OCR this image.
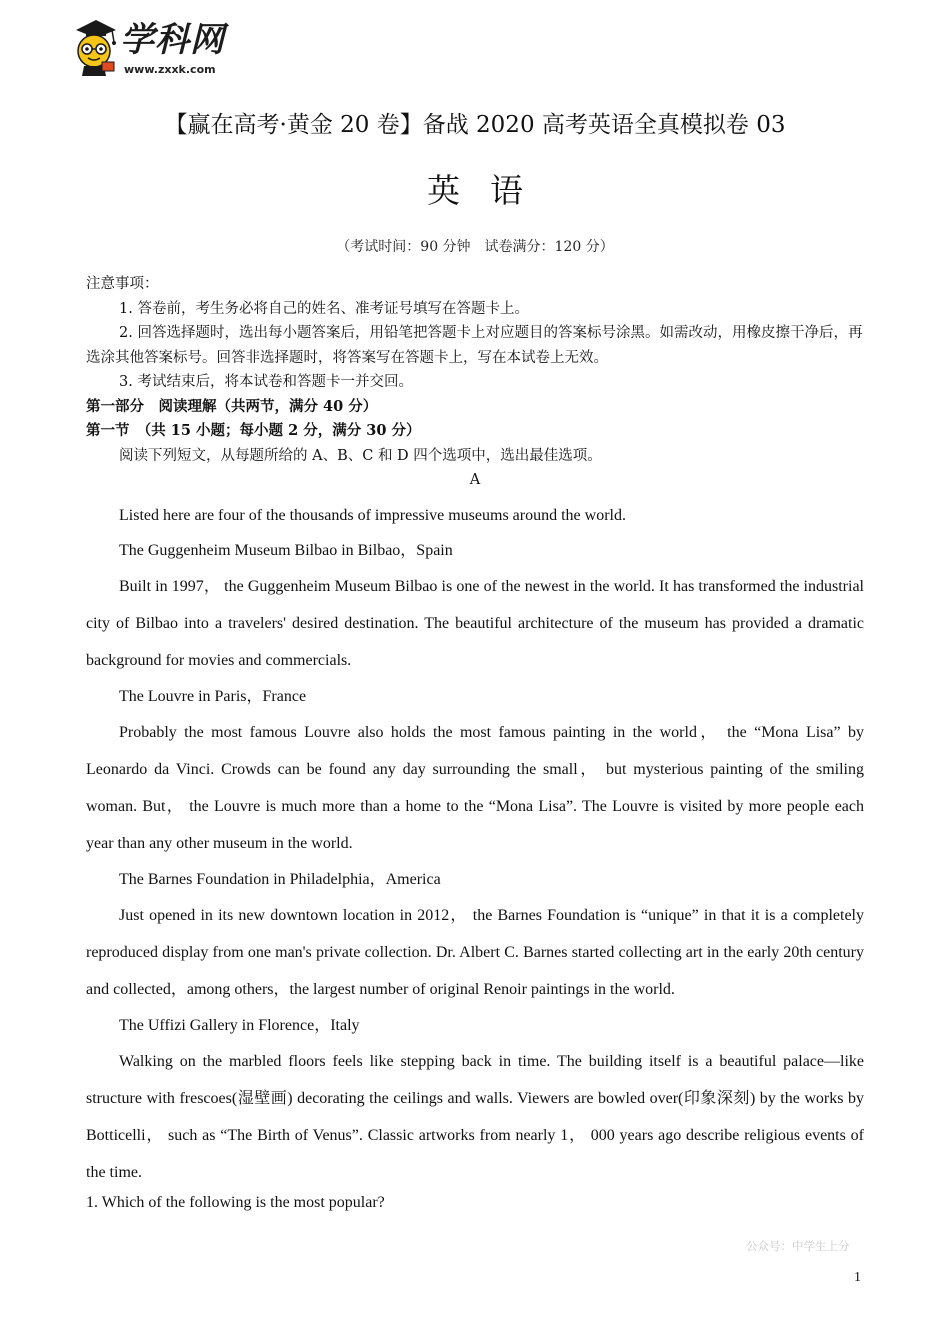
学科网
www.zxxk.com
【赢在高考·黄金 20 卷】备战 2020 高考英语全真模拟卷 03
英语
（考试时间：90 分钟　试卷满分：120 分）

注意事项：

1. 答卷前，考生务必将自己的姓名、准考证号填写在答题卡上。

2. 回答选择题时，选出每小题答案后，用铅笔把答题卡上对应题目的答案标号涂黑。如需改动，用橡皮擦干净后，再选涂其他答案标号。回答非选择题时，将答案写在答题卡上，写在本试卷上无效。

3. 考试结束后，将本试卷和答题卡一并交回。

第一部分　阅读理解（共两节，满分 40 分）

第一节　（共 15 小题；每小题 2 分，满分 30 分）

阅读下列短文，从每题所给的 A、B、C 和 D 四个选项中，选出最佳选项。

A

Listed here are four of the thousands of impressive museums around the world.

The Guggenheim Museum Bilbao in Bilbao，Spain

Built in 1997， the Guggenheim Museum Bilbao is one of the newest in the world. It has transformed the industrial city of Bilbao into a travelers' desired destination. The beautiful architecture of the museum has provided a dramatic background for movies and commercials.

The Louvre in Paris，France

Probably the most famous Louvre also holds the most famous painting in the world， the “Mona Lisa” by Leonardo da Vinci. Crowds can be found any day surrounding the small， but mysterious painting of the smiling woman. But， the Louvre is much more than a home to the “Mona Lisa”. The Louvre is visited by more people each year than any other museum in the world.

The Barnes Foundation in Philadelphia，America

Just opened in its new downtown location in 2012， the Barnes Foundation is “unique” in that it is a completely reproduced display from one man's private collection. Dr. Albert C. Barnes started collecting art in the early 20th century and collected，among others，the largest number of original Renoir paintings in the world.

The Uffizi Gallery in Florence，Italy

Walking on the marbled floors feels like stepping back in time. The building itself is a beautiful palace—like structure with frescoes(湿壁画) decorating the ceilings and walls. Viewers are bowled over(印象深刻) by the works by Botticelli， such as “The Birth of Venus”. Classic artworks from nearly 1， 000 years ago describe religious events of the time.

1. Which of the following is the most popular?
公众号：中学生上分
1
